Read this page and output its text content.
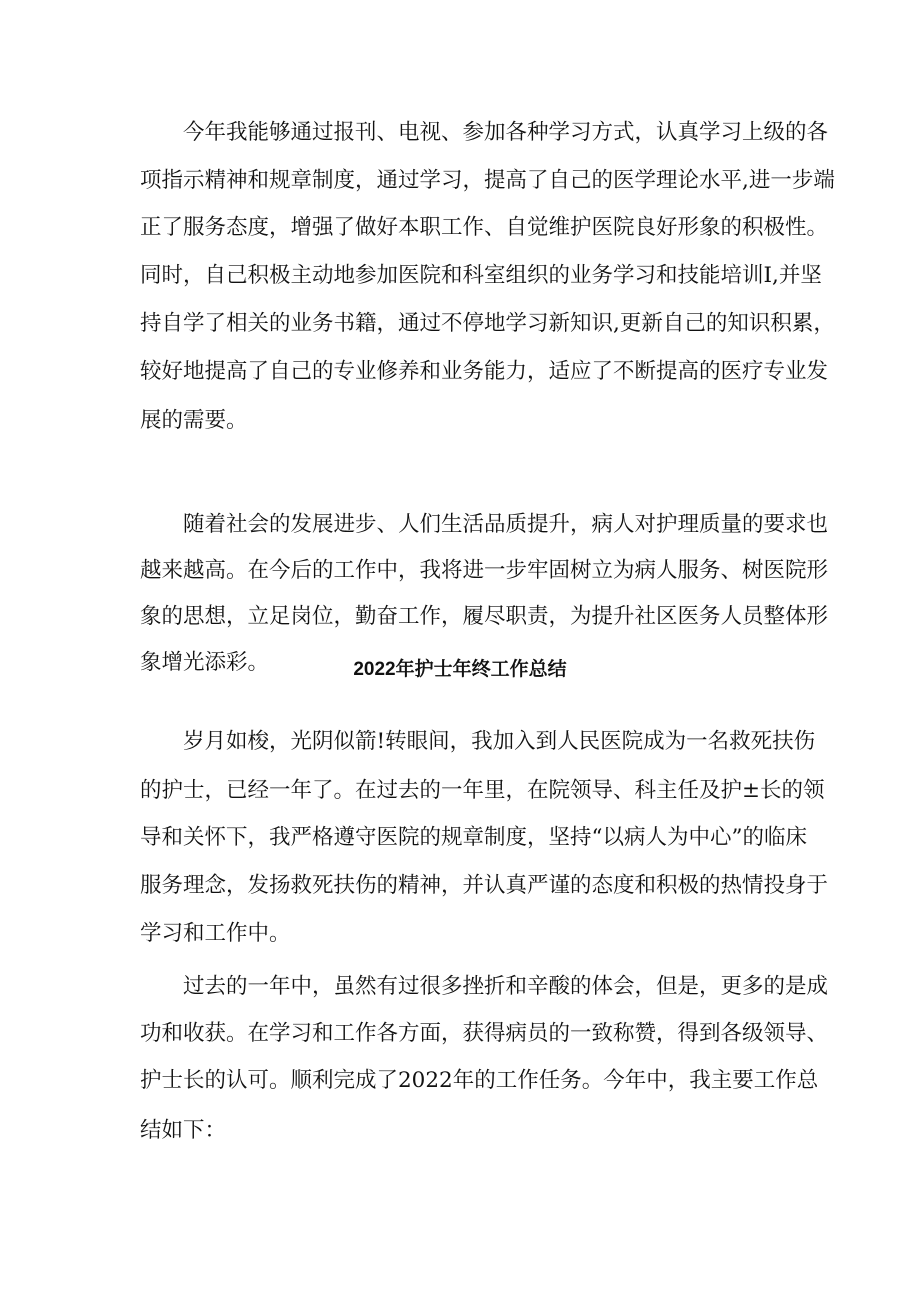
今年我能够通过报刊、电视、参加各种学习方式，认真学习上级的各
项指示精神和规章制度，通过学习，提高了自己的医学理论水平,进一步端
正了服务态度，增强了做好本职工作、自觉维护医院良好形象的积极性。
同时，自己积极主动地参加医院和科室组织的业务学习和技能培训I,并坚
持自学了相关的业务书籍，通过不停地学习新知识,更新自己的知识积累，
较好地提高了自己的专业修养和业务能力，适应了不断提高的医疗专业发
展的需要。
随着社会的发展进步、人们生活品质提升，病人对护理质量的要求也
越来越高。在今后的工作中，我将进一步牢固树立为病人服务、树医院形
象的思想，立足岗位，勤奋工作，履尽职责，为提升社区医务人员整体形
象增光添彩。	2022年护士年终工作总结
岁月如梭，光阴似箭!转眼间，我加入到人民医院成为一名救死扶伤
的护士，已经一年了。在过去的一年里，在院领导、科主任及护±长的领
导和关怀下，我严格遵守医院的规章制度，坚持“以病人为中心”的临床
服务理念，发扬救死扶伤的精神，并认真严谨的态度和积极的热情投身于
学习和工作中。
过去的一年中，虽然有过很多挫折和辛酸的体会，但是，更多的是成
功和收获。在学习和工作各方面，获得病员的一致称赞，得到各级领导、
护士长的认可。顺利完成了2022年的工作任务。今年中，我主要工作总
结如下：
